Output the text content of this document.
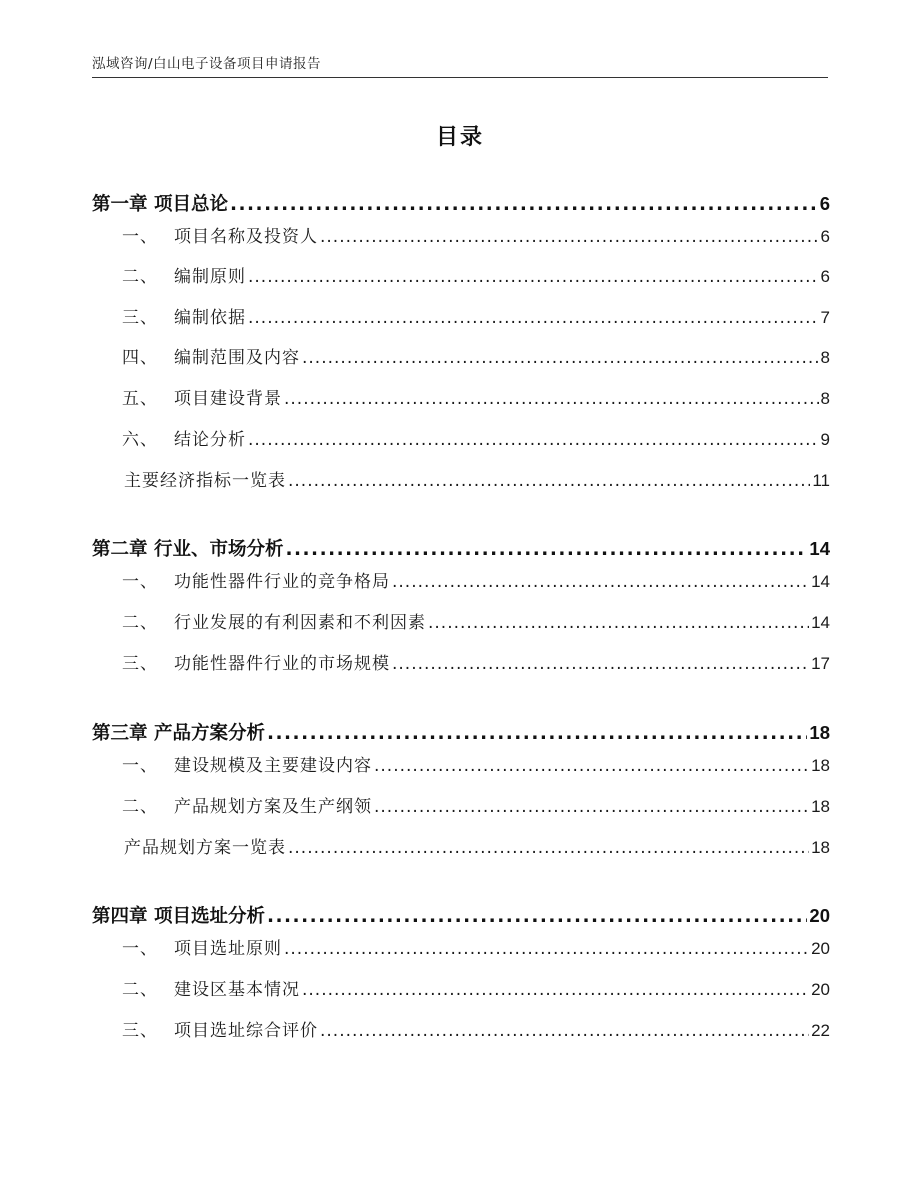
泓域咨询/白山电子设备项目申请报告
目录
第一章 项目总论 .....	6
一、 项目名称及投资人 .....	6
二、 编制原则 .....	6
三、 编制依据 .....	7
四、 编制范围及内容 .....	8
五、 项目建设背景 .....	8
六、 结论分析 .....	9
主要经济指标一览表 .....	11
第二章 行业、市场分析 .....	14
一、 功能性器件行业的竞争格局 .....	14
二、 行业发展的有利因素和不利因素 .....	14
三、 功能性器件行业的市场规模 .....	17
第三章 产品方案分析 .....	18
一、 建设规模及主要建设内容 .....	18
二、 产品规划方案及生产纲领 .....	18
产品规划方案一览表 .....	18
第四章 项目选址分析 .....	20
一、 项目选址原则 .....	20
二、 建设区基本情况 .....	20
三、 项目选址综合评价 .....	22
